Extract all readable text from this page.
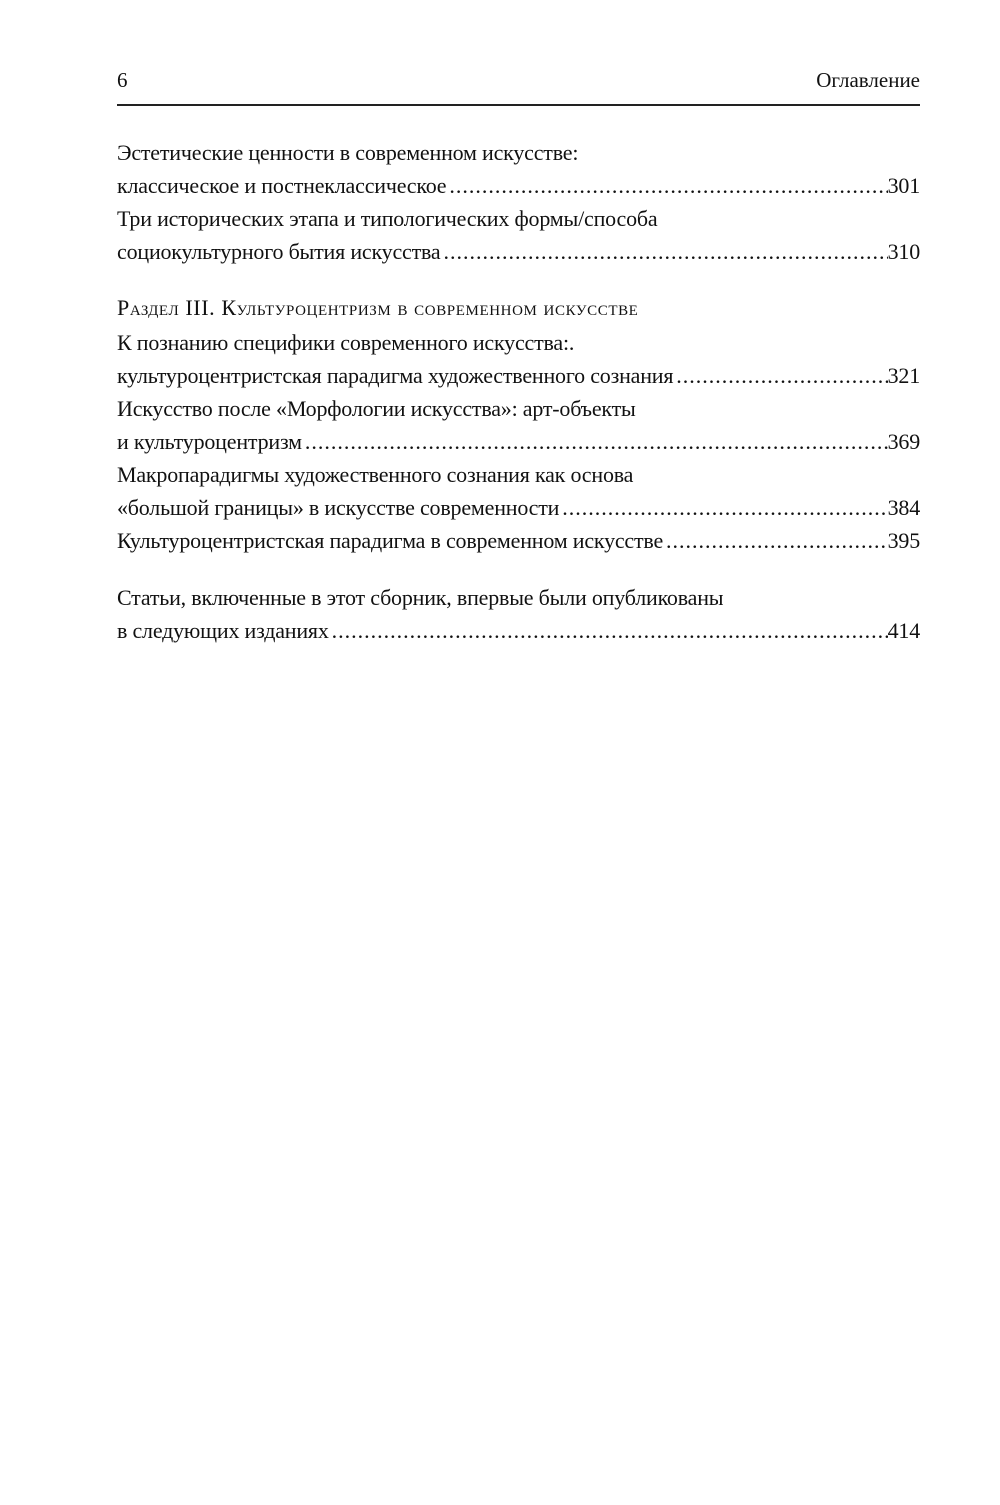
6	Оглавление
Эстетические ценности в современном искусстве:
классическое и постнеклассическое .....	301
Три исторических этапа и типологических формы/способа
социокультурного бытия искусства .....	310
Раздел III. Культуроцентризм в современном искусстве
К познанию специфики современного искусства:.
культуроцентристская парадигма художественного сознания .....	321
Искусство после «Морфологии искусства»: арт-объекты
и культуроцентризм .....	369
Макропарадигмы художественного сознания как основа
«большой границы» в искусстве современности .....	384
Культуроцентристская парадигма в современном искусстве .....	395
Статьи, включенные в этот сборник, впервые были опубликованы
в следующих изданиях .....	414
